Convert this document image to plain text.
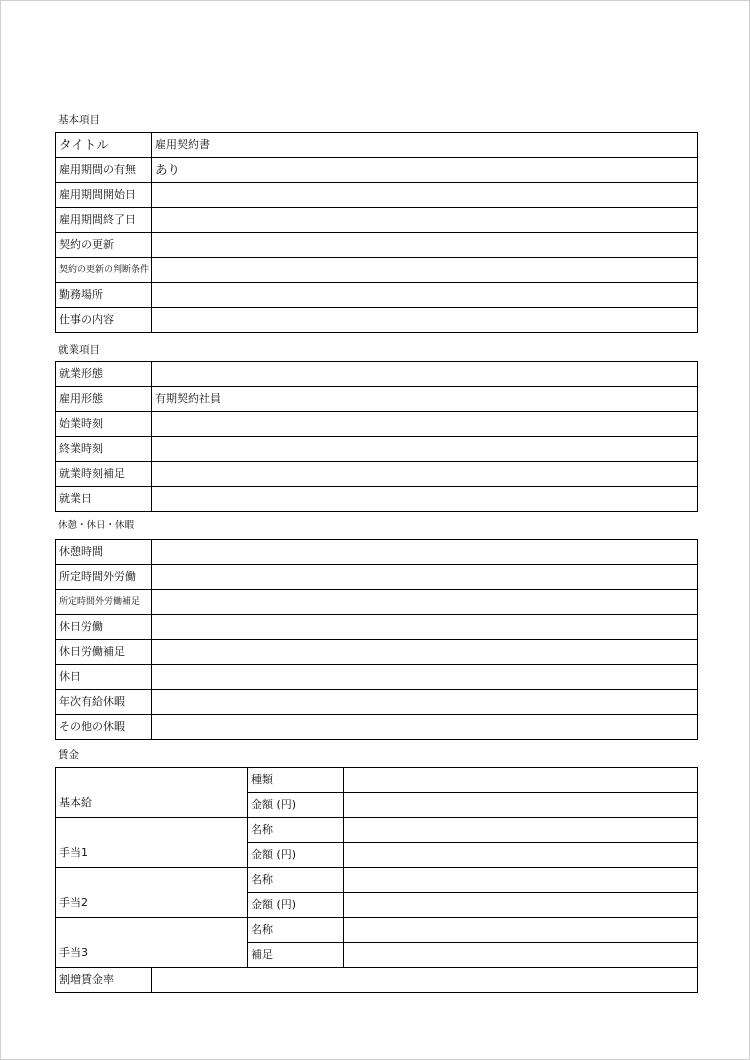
基本項目
タイトル	雇用契約書
雇用期間の有無	あり
雇用期間開始日	
雇用期間終了日	
契約の更新	
契約の更新の判断条件	
勤務場所	
仕事の内容	
就業項目
就業形態	
雇用形態	有期契約社員
始業時刻	
終業時刻	
就業時刻補足	
就業日	
休憩・休日・休暇
休憩時間	
所定時間外労働	
所定時間外労働補足	
休日労働	
休日労働補足	
休日	
年次有給休暇	
その他の休暇	
賃金
基本給		種類	
		金額 (円)	
手当1		名称	
		金額 (円)	
手当2		名称	
		金額 (円)	
手当3		名称	
		補足	
割増賃金率			
